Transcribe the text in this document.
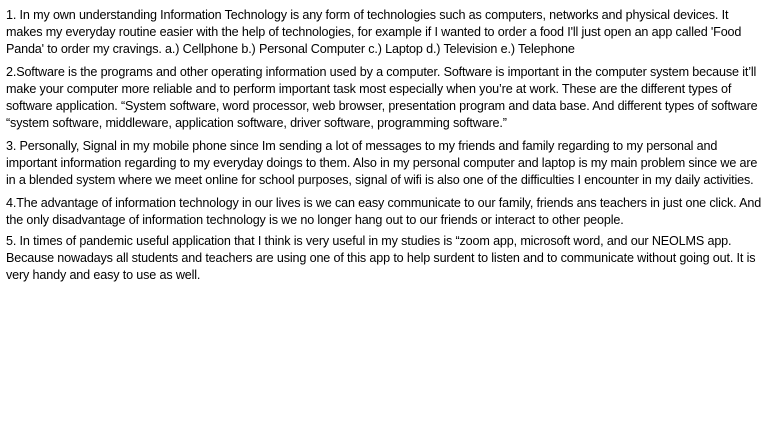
1. In my own understanding Information Technology is any form of technologies such as computers, networks and physical devices. It makes my everyday routine easier with the help of technologies, for example if I wanted to order a food I'll just open an app called 'Food Panda' to order my cravings. a.) Cellphone b.) Personal Computer c.) Laptop d.) Television e.) Telephone

2.Software is the programs and other operating information used by a computer. Software is important in the computer system because it’ll make your computer more reliable and to perform important task most especially when you’re at work. These are the different types of software application. “System software, word processor, web browser, presentation program and data base. And different types of software “system software, middleware, application software, driver software, programming software.”

3. Personally, Signal in my mobile phone since Im sending a lot of messages to my friends and family regarding to my personal and important information regarding to my everyday doings to them. Also in my personal computer and laptop is my main problem since we are in a blended system where we meet online for school purposes, signal of wifi is also one of the difficulties I encounter in my daily activities.

4.The advantage of information technology in our lives is we can easy communicate to our family, friends ans teachers in just one click. And the only disadvantage of information technology is we no longer hang out to our friends or interact to other people.

5. In times of pandemic useful application that I think is very useful in my studies is “zoom app, microsoft word, and our NEOLMS app. Because nowadays all students and teachers are using one of this app to help surdent to listen and to communicate without going out. It is very handy and easy to use as well.
